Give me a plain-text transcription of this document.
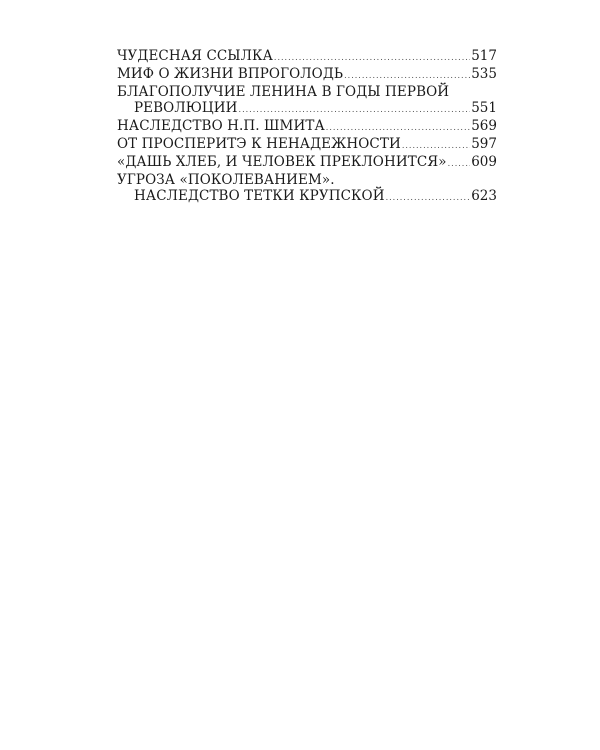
ЧУДЕСНАЯ ССЫЛКА .....	517
МИФ О ЖИЗНИ ВПРОГОЛОДЬ .....	535
БЛАГОПОЛУЧИЕ ЛЕНИНА В ГОДЫ ПЕРВОЙ
РЕВОЛЮЦИИ .....	551
НАСЛЕДСТВО Н.П. ШМИТА .....	569
ОТ ПРОСПЕРИТЭ К НЕНАДЕЖНОСТИ .....	597
«ДАШЬ ХЛЕБ, И ЧЕЛОВЕК ПРЕКЛОНИТСЯ» ..... 609
УГРОЗА «ПОКОЛЕВАНИЕМ».
НАСЛЕДСТВО ТЕТКИ КРУПСКОЙ .....	623
